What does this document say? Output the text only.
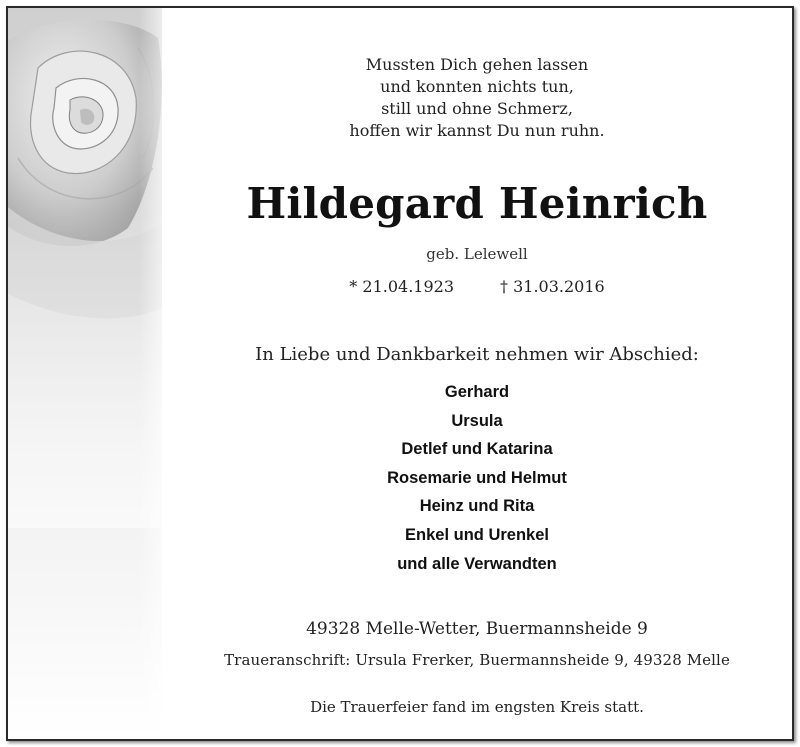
Mussten Dich gehen lassen
und konnten nichts tun,
still und ohne Schmerz,
hoffen wir kannst Du nun ruhn.
Hildegard Heinrich
geb. Lelewell
* 21.04.1923	† 31.03.2016
In Liebe und Dankbarkeit nehmen wir Abschied:
Gerhard
Ursula
Detlef und Katarina
Rosemarie und Helmut
Heinz und Rita
Enkel und Urenkel
und alle Verwandten
49328 Melle-Wetter, Buermannsheide 9
Traueranschrift: Ursula Frerker, Buermannsheide 9, 49328 Melle
Die Trauerfeier fand im engsten Kreis statt.
